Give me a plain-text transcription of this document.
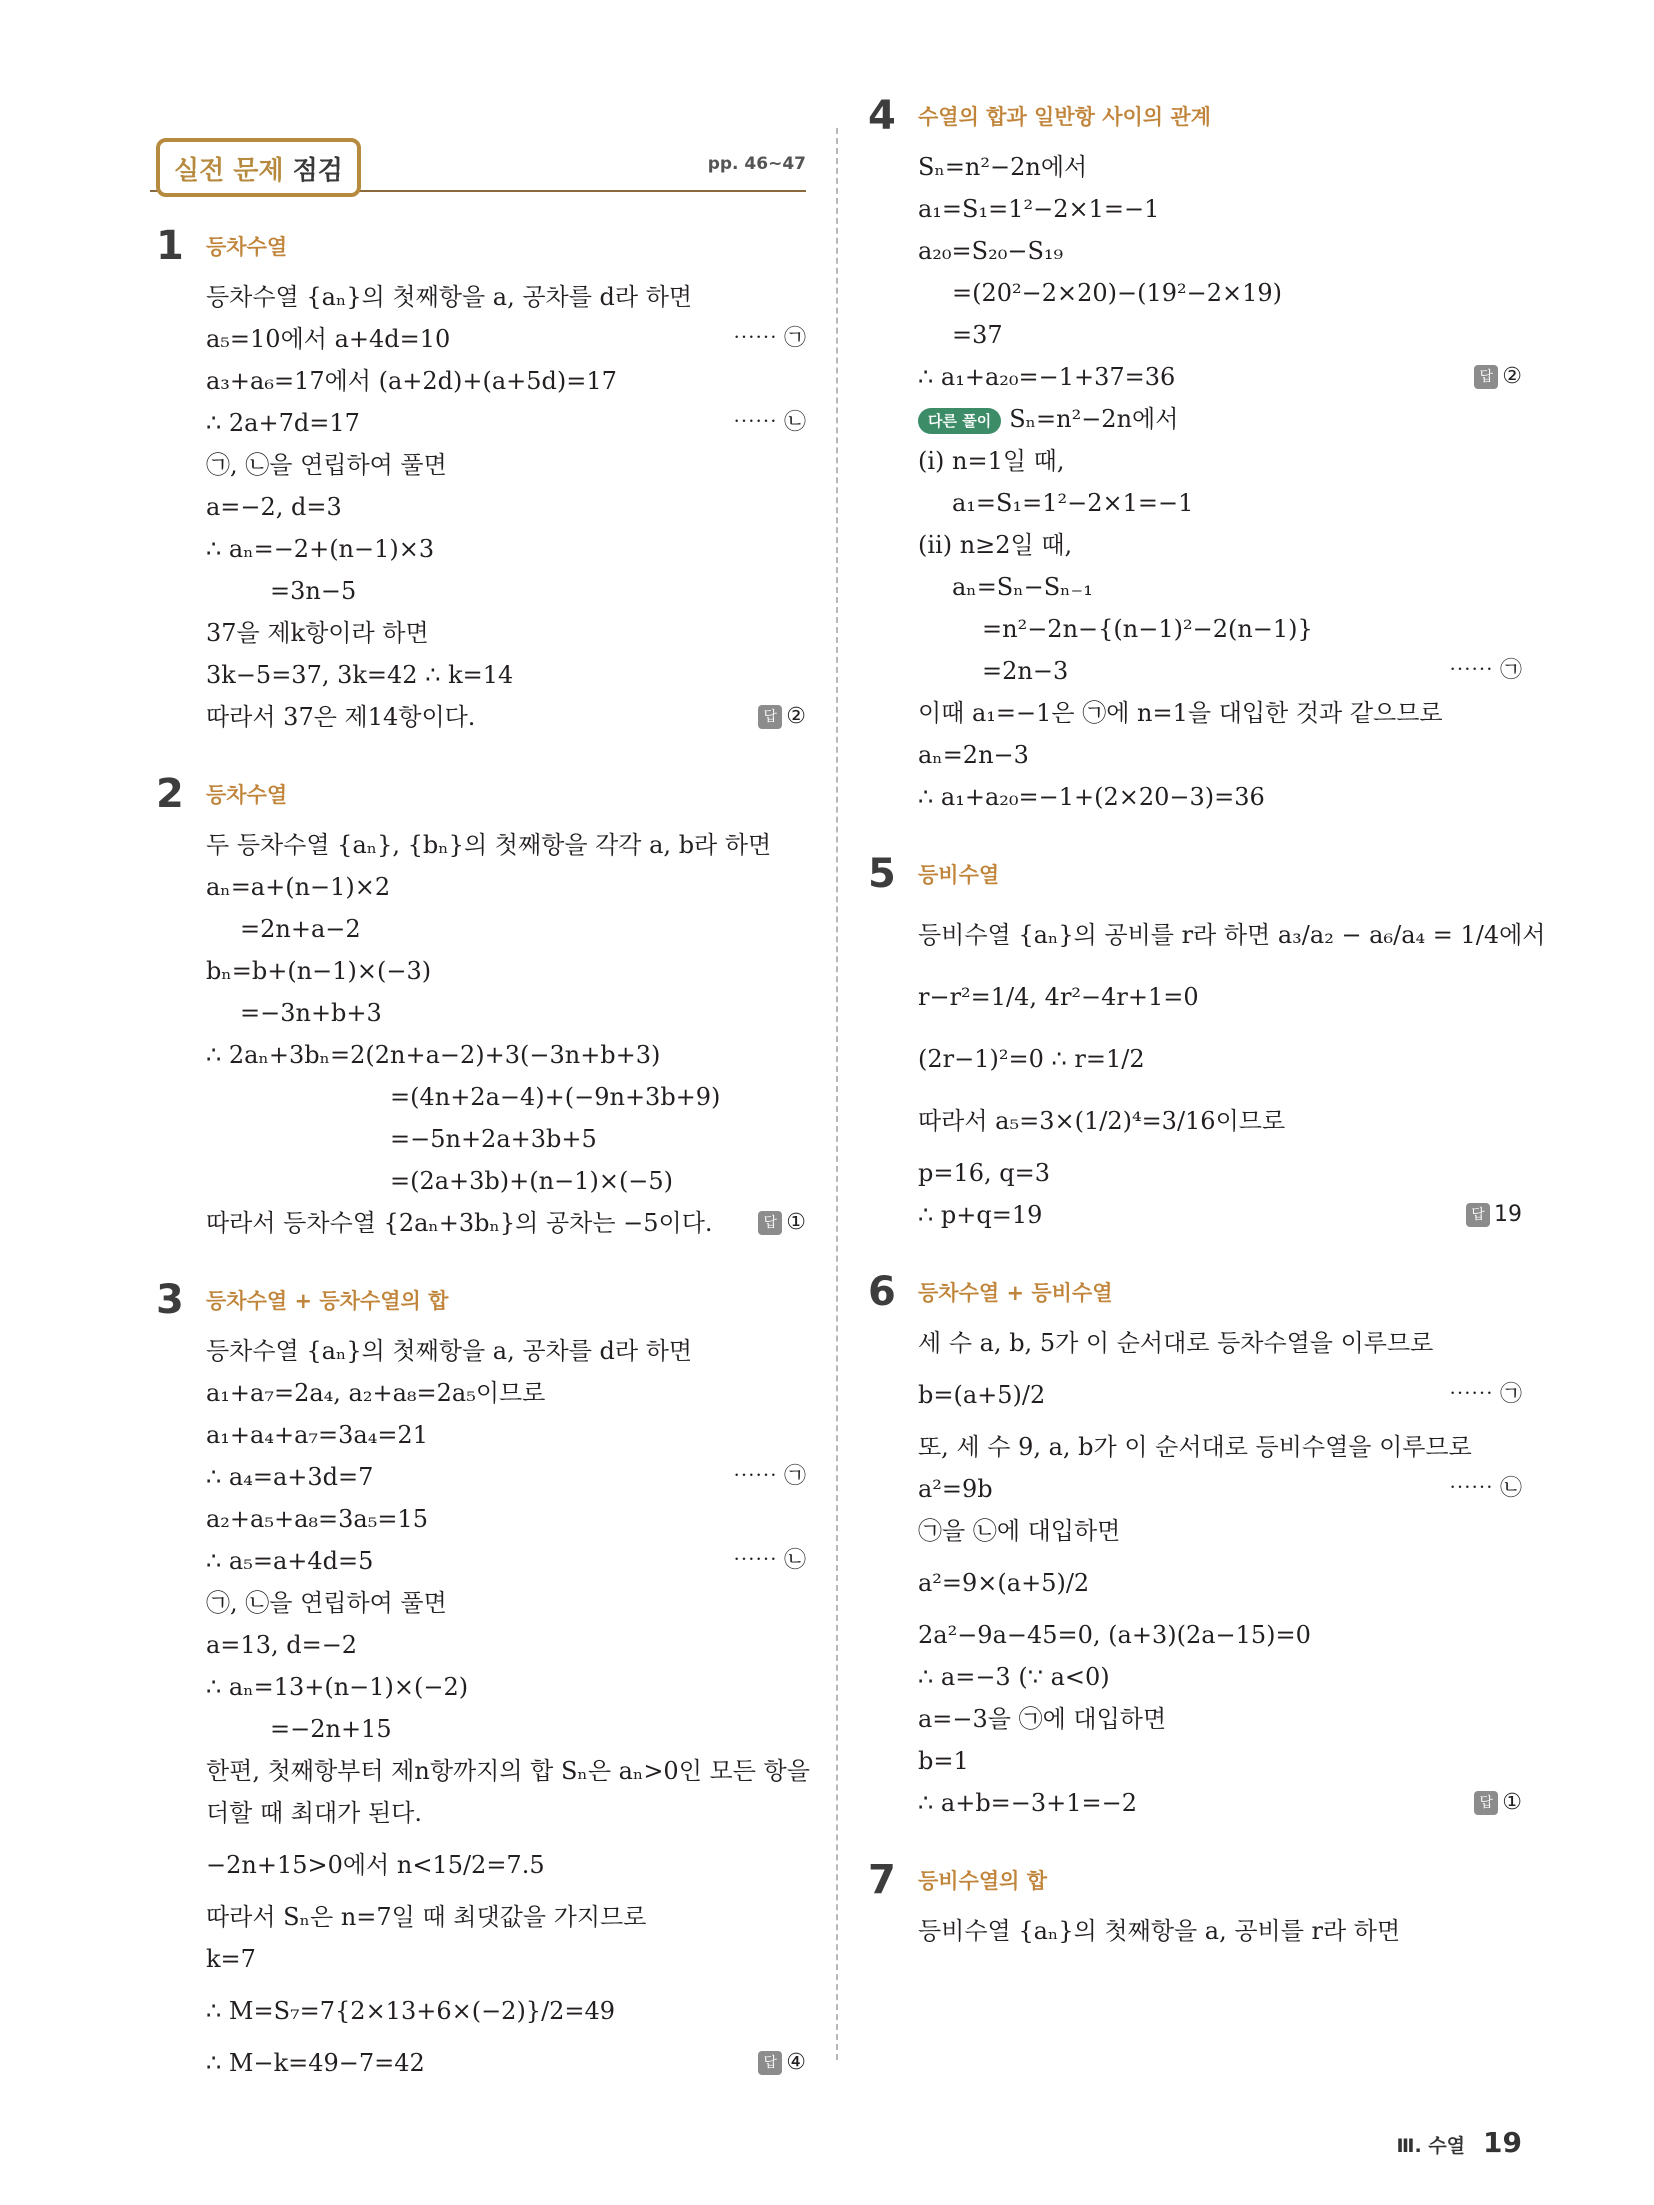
실전 문제 점검	pp. 46~47
1	등차수열
등차수열 {aₙ}의 첫째항을 a, 공차를 d라 하면
a₅=10에서 a+4d=10	⋯⋯ ㉠
a₃+a₆=17에서 (a+2d)+(a+5d)=17
∴ 2a+7d=17	⋯⋯ ㉡
㉠, ㉡을 연립하여 풀면
a=−2, d=3
∴ aₙ=−2+(n−1)×3
=3n−5
37을 제k항이라 하면
3k−5=37, 3k=42 ∴ k=14
따라서 37은 제14항이다.	답 ②
2	등차수열
두 등차수열 {aₙ}, {bₙ}의 첫째항을 각각 a, b라 하면
aₙ=a+(n−1)×2
=2n+a−2
bₙ=b+(n−1)×(−3)
=−3n+b+3
∴ 2aₙ+3bₙ=2(2n+a−2)+3(−3n+b+3)
=(4n+2a−4)+(−9n+3b+9)
=−5n+2a+3b+5
=(2a+3b)+(n−1)×(−5)
따라서 등차수열 {2aₙ+3bₙ}의 공차는 −5이다.	답 ①
3	등차수열 + 등차수열의 합
등차수열 {aₙ}의 첫째항을 a, 공차를 d라 하면
a₁+a₇=2a₄, a₂+a₈=2a₅이므로
a₁+a₄+a₇=3a₄=21
∴ a₄=a+3d=7	⋯⋯ ㉠
a₂+a₅+a₈=3a₅=15
∴ a₅=a+4d=5	⋯⋯ ㉡
㉠, ㉡을 연립하여 풀면
a=13, d=−2
∴ aₙ=13+(n−1)×(−2)
=−2n+15
한편, 첫째항부터 제n항까지의 합 Sₙ은 aₙ>0인 모든 항을
더할 때 최대가 된다.
−2n+15>0에서 n<15/2=7.5
따라서 Sₙ은 n=7일 때 최댓값을 가지므로
k=7
∴ M=S₇=7{2×13+6×(−2)}/2=49
∴ M−k=49−7=42	답 ④
4	수열의 합과 일반항 사이의 관계
Sₙ=n²−2n에서
a₁=S₁=1²−2×1=−1
a₂₀=S₂₀−S₁₉
=(20²−2×20)−(19²−2×19)
=37
∴ a₁+a₂₀=−1+37=36	답 ②
다른 풀이 Sₙ=n²−2n에서
(ⅰ) n=1일 때,
a₁=S₁=1²−2×1=−1
(ⅱ) n≥2일 때,
aₙ=Sₙ−Sₙ₋₁
=n²−2n−{(n−1)²−2(n−1)}
=2n−3	⋯⋯ ㉠
이때 a₁=−1은 ㉠에 n=1을 대입한 것과 같으므로
aₙ=2n−3
∴ a₁+a₂₀=−1+(2×20−3)=36
5	등비수열
등비수열 {aₙ}의 공비를 r라 하면 a₃/a₂ − a₆/a₄ = 1/4에서
r−r²=1/4, 4r²−4r+1=0
(2r−1)²=0 ∴ r=1/2
따라서 a₅=3×(1/2)⁴=3/16이므로
p=16, q=3
∴ p+q=19	답 19
6	등차수열 + 등비수열
세 수 a, b, 5가 이 순서대로 등차수열을 이루므로
b=(a+5)/2	⋯⋯ ㉠
또, 세 수 9, a, b가 이 순서대로 등비수열을 이루므로
a²=9b	⋯⋯ ㉡
㉠을 ㉡에 대입하면
a²=9×(a+5)/2
2a²−9a−45=0, (a+3)(2a−15)=0
∴ a=−3 (∵ a<0)
a=−3을 ㉠에 대입하면
b=1
∴ a+b=−3+1=−2	답 ①
7	등비수열의 합
등비수열 {aₙ}의 첫째항을 a, 공비를 r라 하면
Ⅲ. 수열 19
